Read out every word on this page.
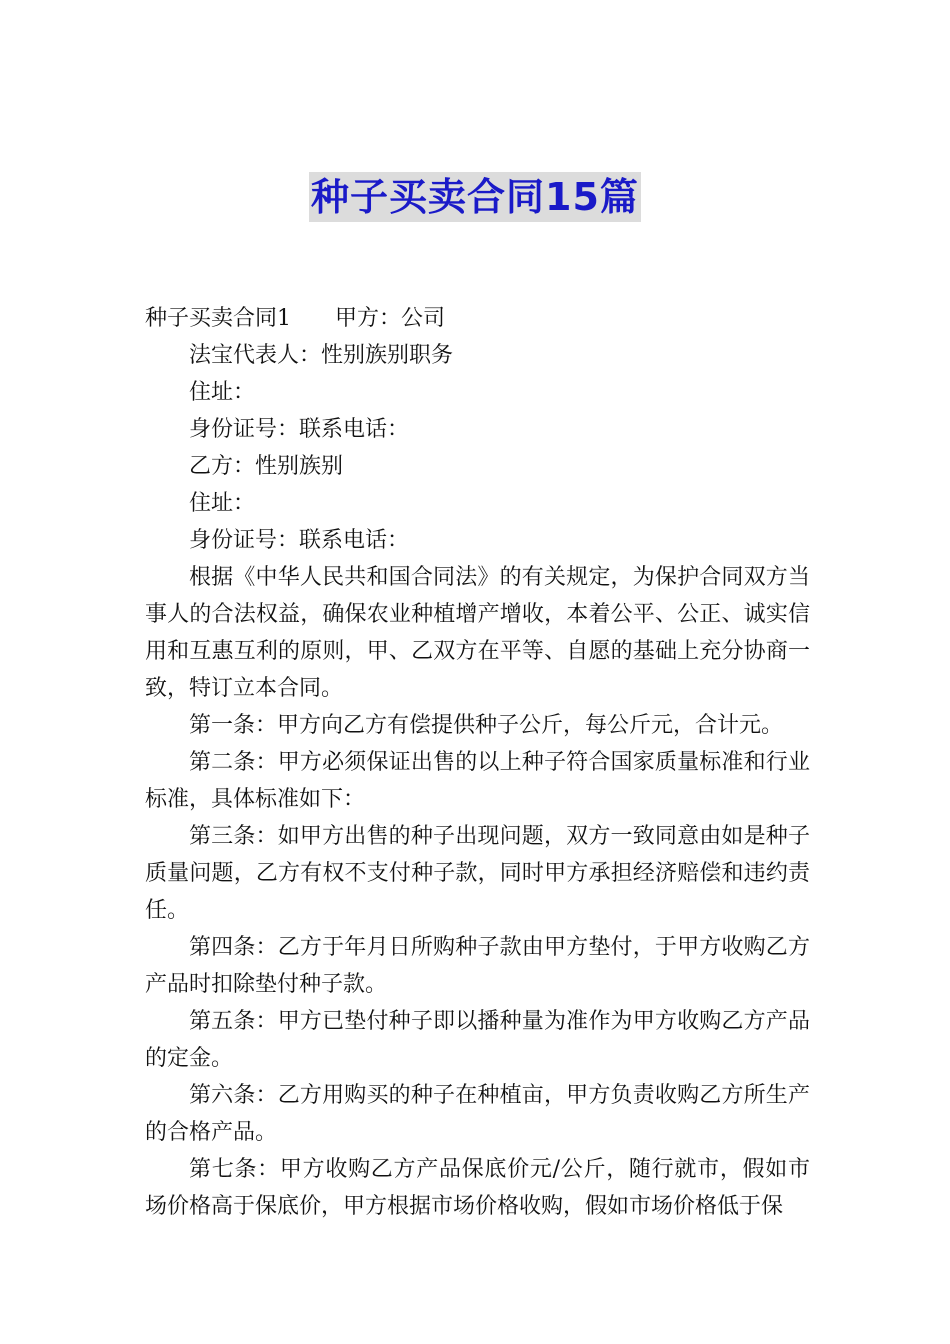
种子买卖合同15篇

种子买卖合同1 甲方：公司

法宝代表人：性别族别职务

住址：

身份证号：联系电话：

乙方：性别族别

住址：

身份证号：联系电话：

根据《中华人民共和国合同法》的有关规定，为保护合同双方当事人的合法权益，确保农业种植增产增收，本着公平、公正、诚实信用和互惠互利的原则，甲、乙双方在平等、自愿的基础上充分协商一致，特订立本合同。

第一条：甲方向乙方有偿提供种子公斤，每公斤元，合计元。

第二条：甲方必须保证出售的以上种子符合国家质量标准和行业标准，具体标准如下：

第三条：如甲方出售的种子出现问题，双方一致同意由如是种子质量问题，乙方有权不支付种子款，同时甲方承担经济赔偿和违约责任。

第四条：乙方于年月日所购种子款由甲方垫付，于甲方收购乙方产品时扣除垫付种子款。

第五条：甲方已垫付种子即以播种量为准作为甲方收购乙方产品的定金。

第六条：乙方用购买的种子在种植亩，甲方负责收购乙方所生产的合格产品。

第七条：甲方收购乙方产品保底价元/公斤，随行就市，假如市场价格高于保底价，甲方根据市场价格收购，假如市场价格低于保
